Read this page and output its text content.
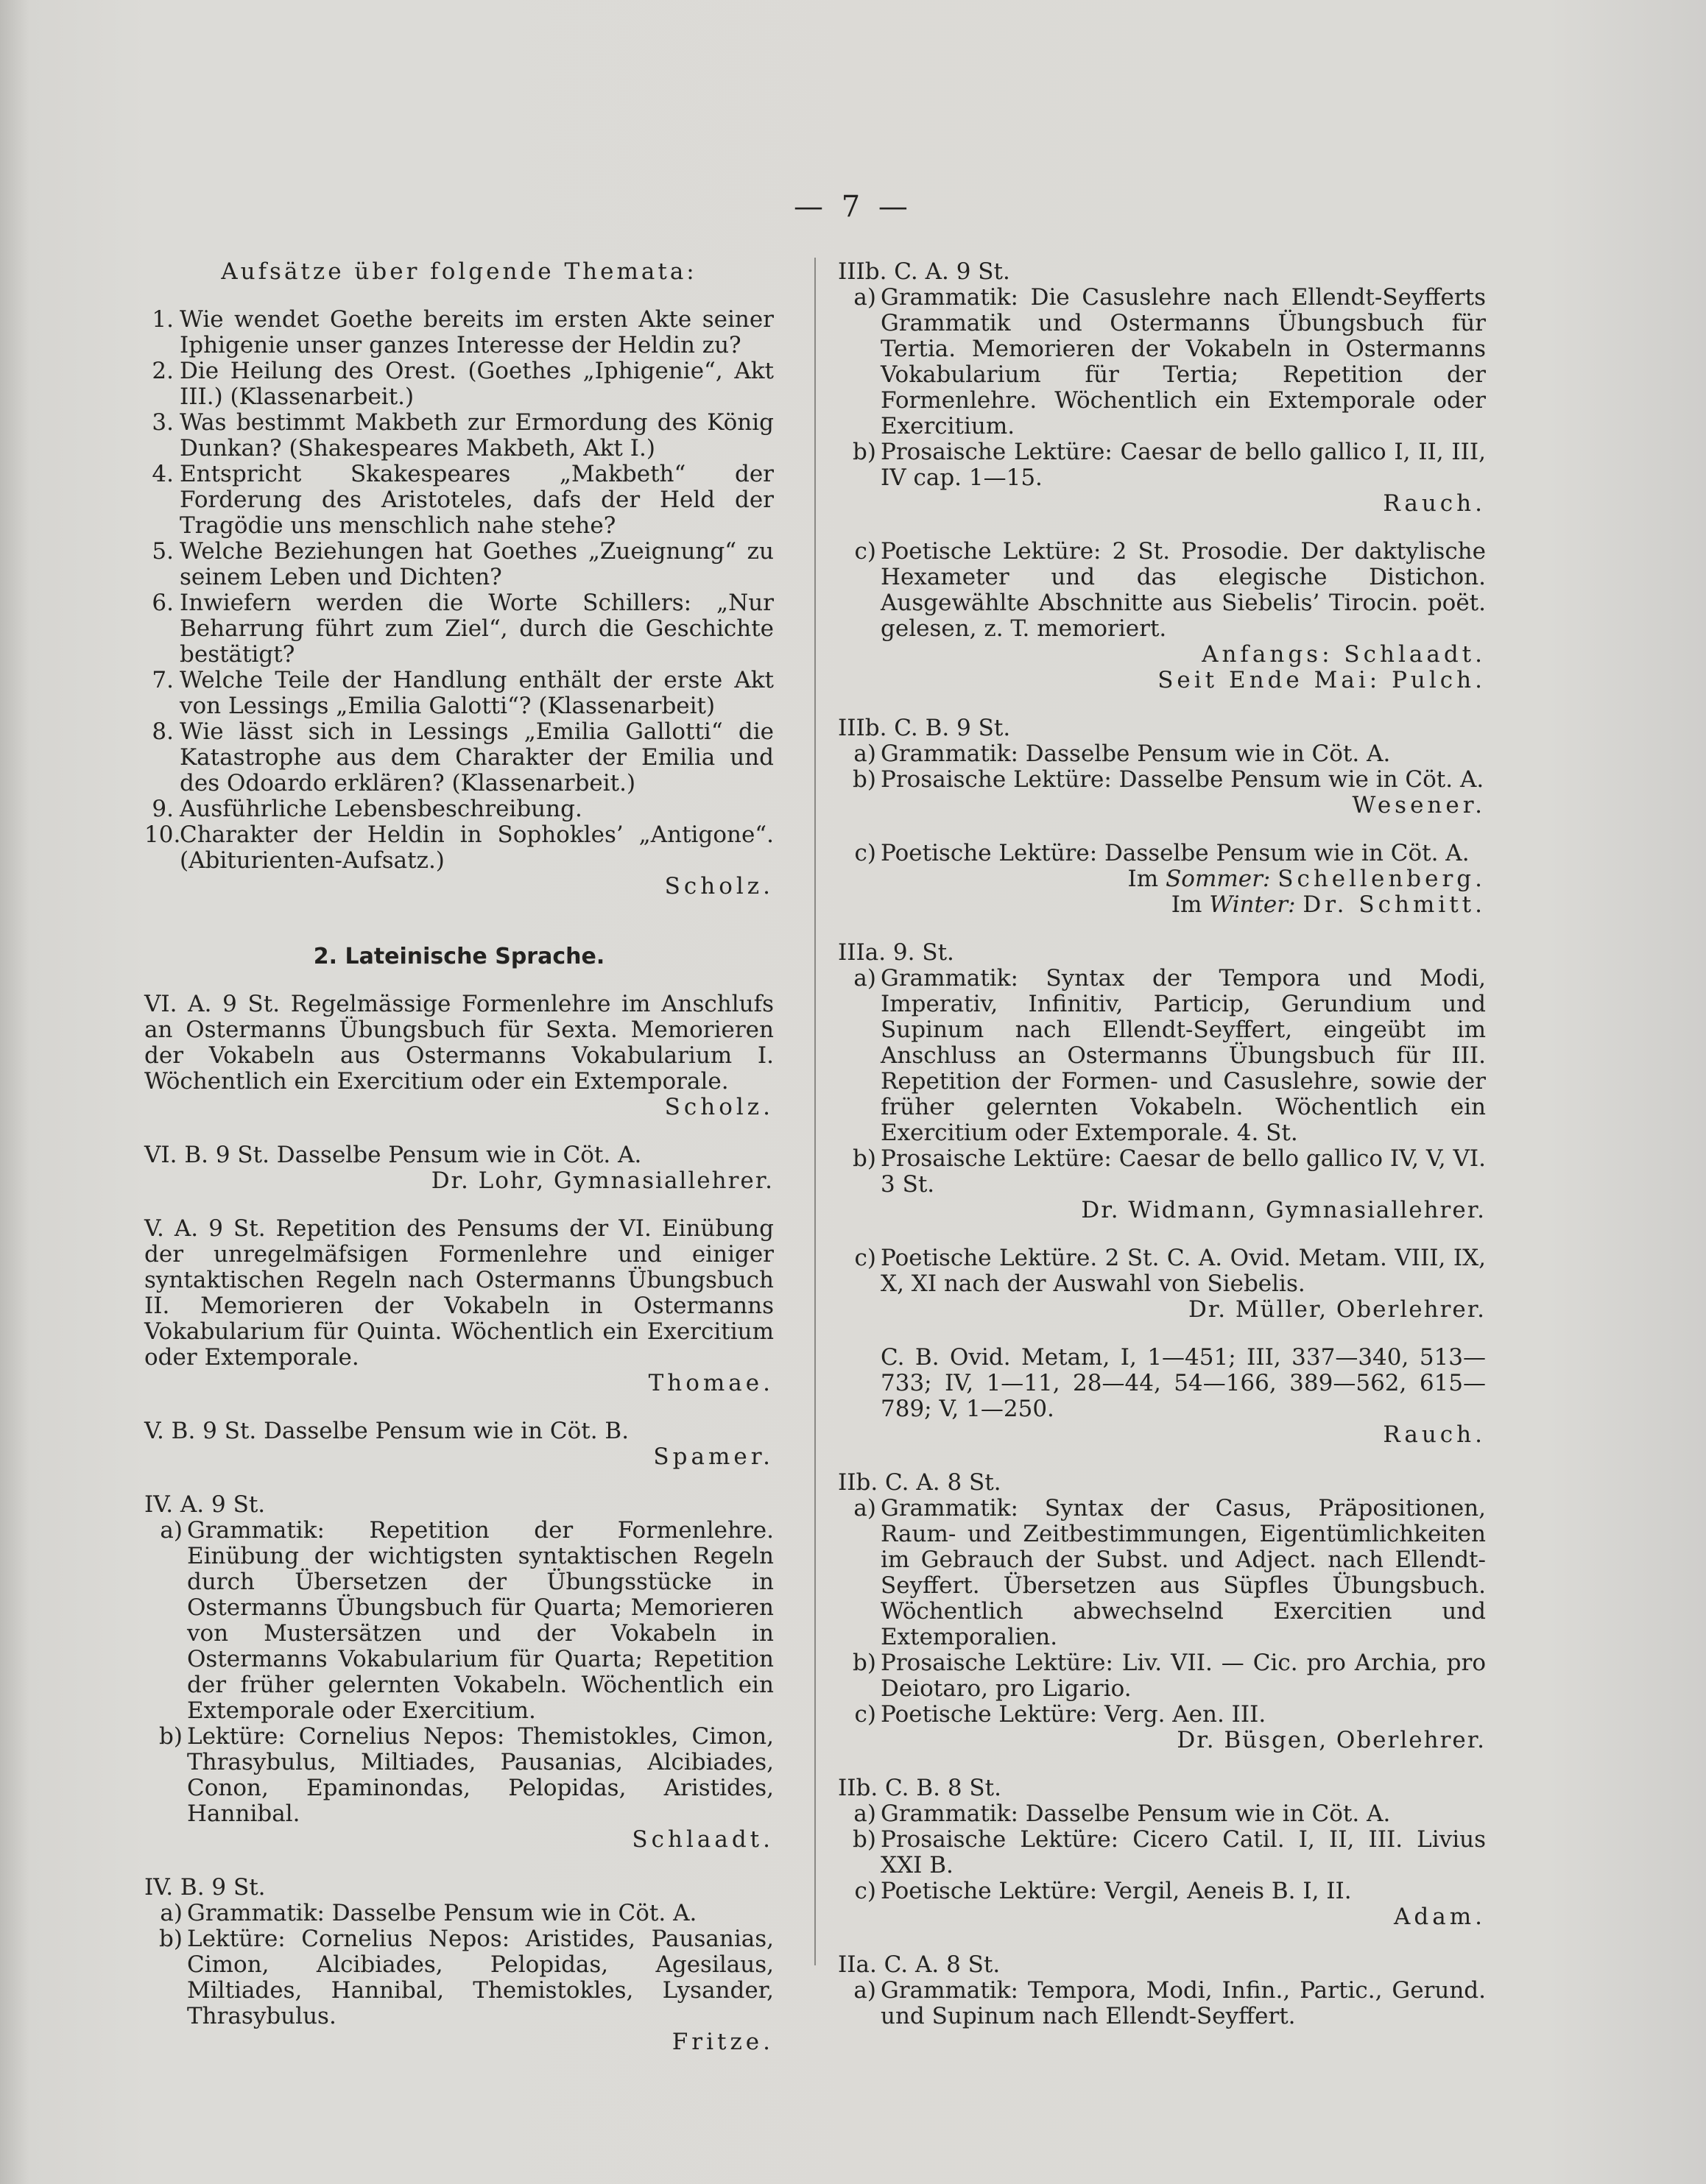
— 7 —
Aufsätze über folgende Themata:
1. Wie wendet Goethe bereits im ersten Akte seiner Iphigenie unser ganzes Interesse der Heldin zu?
2. Die Heilung des Orest. (Goethes „Iphigenie“, Akt III.) (Klassenarbeit.)
3. Was bestimmt Makbeth zur Ermordung des König Dunkan? (Shakespeares Makbeth, Akt I.)
4. Entspricht Skakespeares „Makbeth“ der Forderung des Aristoteles, dafs der Held der Tragödie uns menschlich nahe stehe?
5. Welche Beziehungen hat Goethes „Zueignung“ zu seinem Leben und Dichten?
6. Inwiefern werden die Worte Schillers: „Nur Beharrung führt zum Ziel“, durch die Geschichte bestätigt?
7. Welche Teile der Handlung enthält der erste Akt von Lessings „Emilia Galotti“? (Klassenarbeit)
8. Wie lässt sich in Lessings „Emilia Gallotti“ die Katastrophe aus dem Charakter der Emilia und des Odoardo erklären? (Klassenarbeit.)
9. Ausführliche Lebensbeschreibung.
10.
Charakter der Heldin in Sophokles’ „Antigone“. (Abiturienten-Aufsatz.)
Scholz.
2. Lateinische Sprache.

VI. A. 9 St. Regelmässige Formenlehre im Anschlufs an Ostermanns Übungsbuch für Sexta. Memorieren der Vokabeln aus Ostermanns Vokabularium I. Wöchentlich ein Exercitium oder ein Extemporale.

Scholz.

VI. B. 9 St. Dasselbe Pensum wie in Cöt. A.

Dr. Lohr, Gymnasiallehrer.

V. A. 9 St. Repetition des Pensums der VI. Einübung der unregelmäfsigen Formenlehre und einiger syntaktischen Regeln nach Ostermanns Übungsbuch II. Memorieren der Vokabeln in Ostermanns Vokabularium für Quinta. Wöchentlich ein Exercitium oder Extemporale.

Thomae.

V. B. 9 St. Dasselbe Pensum wie in Cöt. B.

Spamer.
IV. A. 9 St.
a) Grammatik: Repetition der Formenlehre. Einübung der wichtigsten syntaktischen Regeln durch Übersetzen der Übungsstücke in Ostermanns Übungsbuch für Quarta; Memorieren von Mustersätzen und der Vokabeln in Ostermanns Vokabularium für Quarta; Repetition der früher gelernten Vokabeln. Wöchentlich ein Extemporale oder Exercitium.
b) Lektüre: Cornelius Nepos: Themistokles, Cimon, Thrasybulus, Miltiades, Pausanias, Alcibiades, Conon, Epaminondas, Pelopidas, Aristides, Hannibal.
Schlaadt.
IV. B. 9 St.
a) Grammatik: Dasselbe Pensum wie in Cöt. A.
b) Lektüre: Cornelius Nepos: Aristides, Pausanias, Cimon, Alcibiades, Pelopidas, Agesilaus, Miltiades, Hannibal, Themistokles, Lysander, Thrasybulus.
Fritze.
IIIb. C. A. 9 St.
a) Grammatik: Die Casuslehre nach Ellendt-Seyfferts Grammatik und Ostermanns Übungsbuch für Tertia. Memorieren der Vokabeln in Ostermanns Vokabularium für Tertia; Repetition der Formenlehre. Wöchentlich ein Extemporale oder Exercitium.
b) Prosaische Lektüre: Caesar de bello gallico I, II, III, IV cap. 1—15.
Rauch.
c) Poetische Lektüre: 2 St. Prosodie. Der daktylische Hexameter und das elegische Distichon. Ausgewählte Abschnitte aus Siebelis’ Tirocin. poët. gelesen, z. T. memoriert.
Anfangs: Schlaadt.
Seit Ende Mai: Pulch.
IIIb. C. B. 9 St.
a) Grammatik: Dasselbe Pensum wie in Cöt. A.
b) Prosaische Lektüre: Dasselbe Pensum wie in Cöt. A.
Wesener.
c) Poetische Lektüre: Dasselbe Pensum wie in Cöt. A.
Im Sommer: Schellenberg.
Im Winter: Dr. Schmitt.
IIIa. 9. St.
a) Grammatik: Syntax der Tempora und Modi, Imperativ, Infinitiv, Particip, Gerundium und Supinum nach Ellendt-Seyffert, eingeübt im Anschluss an Ostermanns Übungsbuch für III. Repetition der Formen- und Casuslehre, sowie der früher gelernten Vokabeln. Wöchentlich ein Exercitium oder Extemporale. 4. St.
b) Prosaische Lektüre: Caesar de bello gallico IV, V, VI. 3 St.
Dr. Widmann, Gymnasiallehrer.
c) Poetische Lektüre. 2 St. C. A. Ovid. Metam. VIII, IX, X, XI nach der Auswahl von Siebelis.
Dr. Müller, Oberlehrer.
C. B. Ovid. Metam, I, 1—451; III, 337—340, 513—733; IV, 1—11, 28—44, 54—166, 389—562, 615—789; V, 1—250.
Rauch.
IIb. C. A. 8 St.
a) Grammatik: Syntax der Casus, Präpositionen, Raum- und Zeitbestimmungen, Eigentümlichkeiten im Gebrauch der Subst. und Adject. nach Ellendt-Seyffert. Übersetzen aus Süpfles Übungsbuch. Wöchentlich abwechselnd Exercitien und Extemporalien.
b) Prosaische Lektüre: Liv. VII. — Cic. pro Archia, pro Deiotaro, pro Ligario.
c) Poetische Lektüre: Verg. Aen. III.
Dr. Büsgen, Oberlehrer.
IIb. C. B. 8 St.
a) Grammatik: Dasselbe Pensum wie in Cöt. A.
b) Prosaische Lektüre: Cicero Catil. I, II, III. Livius XXI B.
c) Poetische Lektüre: Vergil, Aeneis B. I, II.
Adam.
IIa. C. A. 8 St.
a) Grammatik: Tempora, Modi, Infin., Partic., Gerund. und Supinum nach Ellendt-Seyffert.
